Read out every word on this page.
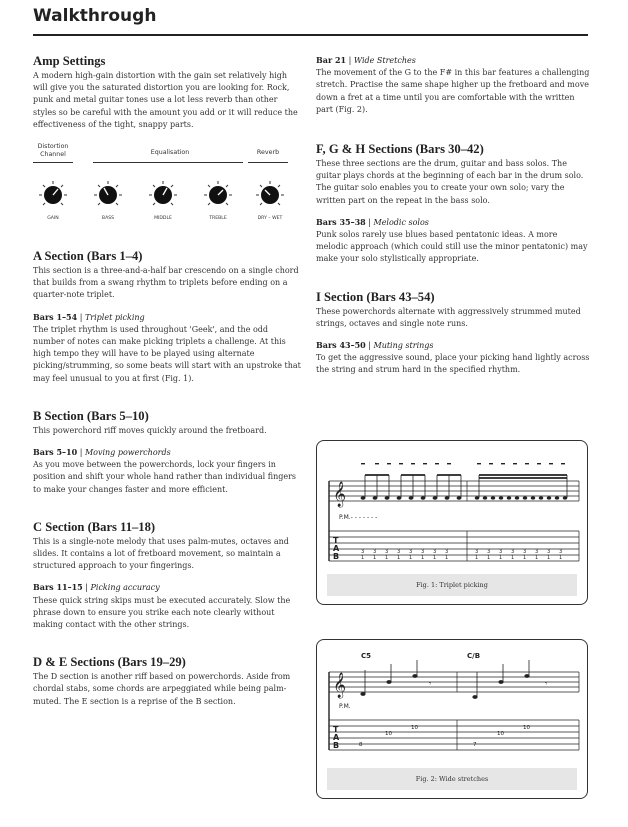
Walkthrough
Amp Settings

A modern high-gain distortion with the gain set relatively high will give you the saturated distortion you are looking for. Rock, punk and metal guitar tones use a lot less reverb than other styles so be careful with the amount you add or it will reduce the effectiveness of the tight, snappy parts.

Distortion
Channel	Equalisation	Reverb
GAIN	BASS	MIDDLE	TREBLE	DRY – WET
A Section (Bars 1–4)

This section is a three-and-a-half bar crescendo on a single chord that builds from a swang rhythm to triplets before ending on a quarter-note triplet.

Bars 1–54 | Triplet picking

The triplet rhythm is used throughout 'Geek', and the odd number of notes can make picking triplets a challenge. At this high tempo they will have to be played using alternate picking/strumming, so some beats will start with an upstroke that may feel unusual to you at first (Fig. 1).

B Section (Bars 5–10)

This powerchord riff moves quickly around the fretboard.

Bars 5–10 | Moving powerchords

As you move between the powerchords, lock your fingers in position and shift your whole hand rather than individual fingers to make your changes faster and more efficient.

C Section (Bars 11–18)

This is a single-note melody that uses palm-mutes, octaves and slides. It contains a lot of fretboard movement, so maintain a structured approach to your fingerings.

Bars 11–15 | Picking accuracy

These quick string skips must be executed accurately. Slow the phrase down to ensure you strike each note clearly without making contact with the other strings.

D & E Sections (Bars 19–29)

The D section is another riff based on powerchords. Aside from chordal stabs, some chords are arpeggiated while being palm-muted. The E section is a reprise of the B section.

Bar 21 | Wide Stretches

The movement of the G to the F# in this bar features a challenging stretch. Practise the same shape higher up the fretboard and move down a fret at a time until you are comfortable with the written part (Fig. 2).

F, G & H Sections (Bars 30–42)

These three sections are the drum, guitar and bass solos. The guitar plays chords at the beginning of each bar in the drum solo. The guitar solo enables you to create your own solo; vary the written part on the repeat in the bass solo.

Bars 35–38 | Melodic solos

Punk solos rarely use blues based pentatonic ideas. A more melodic approach (which could still use the minor pentatonic) may make your solo stylistically appropriate.

I Section (Bars 43–54)

These powerchords alternate with aggressively strummed muted strings, octaves and single note runs.

Bars 43–50 | Muting strings

To get the aggressive sound, place your picking hand lightly across the string and strum hard in the specified rhythm.

𝄞
T
A
B
P.M.- - - - - - -
3 3 3 3 3 3 3 3	3 3 3 3 3 3 3 3
1 1 1 1 1 1 1 1	1 1 1 1 1 1 1 1
Fig. 1: Triplet picking
𝄞
T
A
B
C5	C/B
𝄾	𝄾
P.M.
8
10
10
7
10
10
Fig. 2: Wide stretches
